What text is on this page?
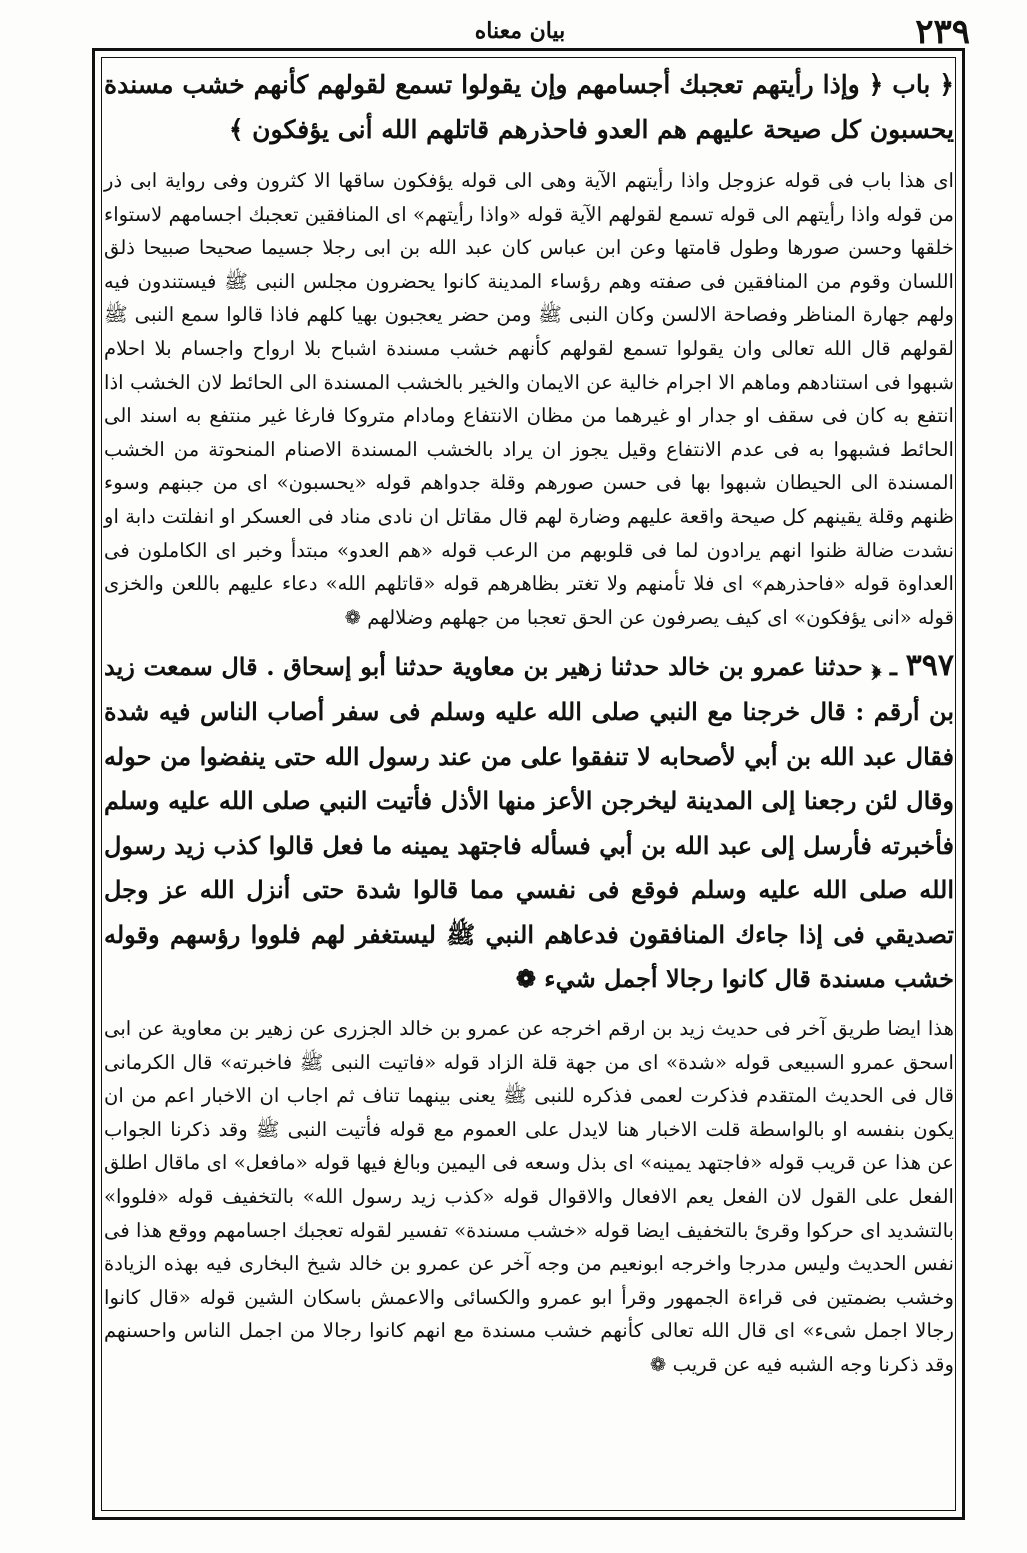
٢٣٩
بيان معناه

﴿ باب ﴿ وإذا رأيتهم تعجبك أجسامهم وإن يقولوا تسمع لقولهم كأنهم خشب مسندة يحسبون كل صيحة عليهم هم العدو فاحذرهم قاتلهم الله أنى يؤفكون ﴾

اى هذا باب فى قوله عزوجل واذا رأيتهم الآية وهى الى قوله يؤفكون ساقها الا كثرون وفى رواية ابى ذر من قوله واذا رأيتهم الى قوله تسمع لقولهم الآية قوله «واذا رأيتهم» اى المنافقين تعجبك اجسامهم لاستواء خلقها وحسن صورها وطول قامتها وعن ابن عباس كان عبد الله بن ابى رجلا جسيما صحيحا صبيحا ذلق اللسان وقوم من المنافقين فى صفته وهم رؤساء المدينة كانوا يحضرون مجلس النبى ﷺ فيستندون فيه ولهم جهارة المناظر وفصاحة الالسن وكان النبى ﷺ ومن حضر يعجبون بهيا كلهم فاذا قالوا سمع النبى ﷺ لقولهم قال الله تعالى وان يقولوا تسمع لقولهم كأنهم خشب مسندة اشباح بلا ارواح واجسام بلا احلام شبهوا فى استنادهم وماهم الا اجرام خالية عن الايمان والخير بالخشب المسندة الى الحائط لان الخشب اذا انتفع به كان فى سقف او جدار او غيرهما من مظان الانتفاع ومادام متروكا فارغا غير منتفع به اسند الى الحائط فشبهوا به فى عدم الانتفاع وقيل يجوز ان يراد بالخشب المسندة الاصنام المنحوتة من الخشب المسندة الى الحيطان شبهوا بها فى حسن صورهم وقلة جدواهم قوله «يحسبون» اى من جبنهم وسوء ظنهم وقلة يقينهم كل صيحة واقعة عليهم وضارة لهم قال مقاتل ان نادى مناد فى العسكر او انفلتت دابة او نشدت ضالة ظنوا انهم يرادون لما فى قلوبهم من الرعب قوله «هم العدو» مبتدأ وخبر اى الكاملون فى العداوة قوله «فاحذرهم» اى فلا تأمنهم ولا تغتر بظاهرهم قوله «قاتلهم الله» دعاء عليهم باللعن والخزى قوله «انى يؤفكون» اى كيف يصرفون عن الحق تعجبا من جهلهم وضلالهم ❁

٣٩٧ ـ ﴿ حدثنا عمرو بن خالد حدثنا زهير بن معاوية حدثنا أبو إسحاق . قال سمعت زيد بن أرقم : قال خرجنا مع النبي صلى الله عليه وسلم فى سفر أصاب الناس فيه شدة فقال عبد الله بن أبي لأصحابه لا تنفقوا على من عند رسول الله حتى ينفضوا من حوله وقال لئن رجعنا إلى المدينة ليخرجن الأعز منها الأذل فأتيت النبي صلى الله عليه وسلم فأخبرته فأرسل إلى عبد الله بن أبي فسأله فاجتهد يمينه ما فعل قالوا كذب زيد رسول الله صلى الله عليه وسلم فوقع فى نفسي مما قالوا شدة حتى أنزل الله عز وجل تصديقي فى إذا جاءك المنافقون فدعاهم النبي ﷺ ليستغفر لهم فلووا رؤسهم وقوله خشب مسندة قال كانوا رجالا أجمل شيء ❁

هذا ايضا طريق آخر فى حديث زيد بن ارقم اخرجه عن عمرو بن خالد الجزرى عن زهير بن معاوية عن ابى اسحق عمرو السبيعى قوله «شدة» اى من جهة قلة الزاد قوله «فاتيت النبى ﷺ فاخبرته» قال الكرمانى قال فى الحديث المتقدم فذكرت لعمى فذكره للنبى ﷺ يعنى بينهما تناف ثم اجاب ان الاخبار اعم من ان يكون بنفسه او بالواسطة قلت الاخبار هنا لايدل على العموم مع قوله فأتيت النبى ﷺ وقد ذكرنا الجواب عن هذا عن قريب قوله «فاجتهد يمينه» اى بذل وسعه فى اليمين وبالغ فيها قوله «مافعل» اى ماقال اطلق الفعل على القول لان الفعل يعم الافعال والاقوال قوله «كذب زيد رسول الله» بالتخفيف قوله «فلووا» بالتشديد اى حركوا وقرئ بالتخفيف ايضا قوله «خشب مسندة» تفسير لقوله تعجبك اجسامهم ووقع هذا فى نفس الحديث وليس مدرجا واخرجه ابونعيم من وجه آخر عن عمرو بن خالد شيخ البخارى فيه بهذه الزيادة وخشب بضمتين فى قراءة الجمهور وقرأ ابو عمرو والكسائى والاعمش باسكان الشين قوله «قال كانوا رجالا اجمل شىء» اى قال الله تعالى كأنهم خشب مسندة مع انهم كانوا رجالا من اجمل الناس واحسنهم وقد ذكرنا وجه الشبه فيه عن قريب ❁
